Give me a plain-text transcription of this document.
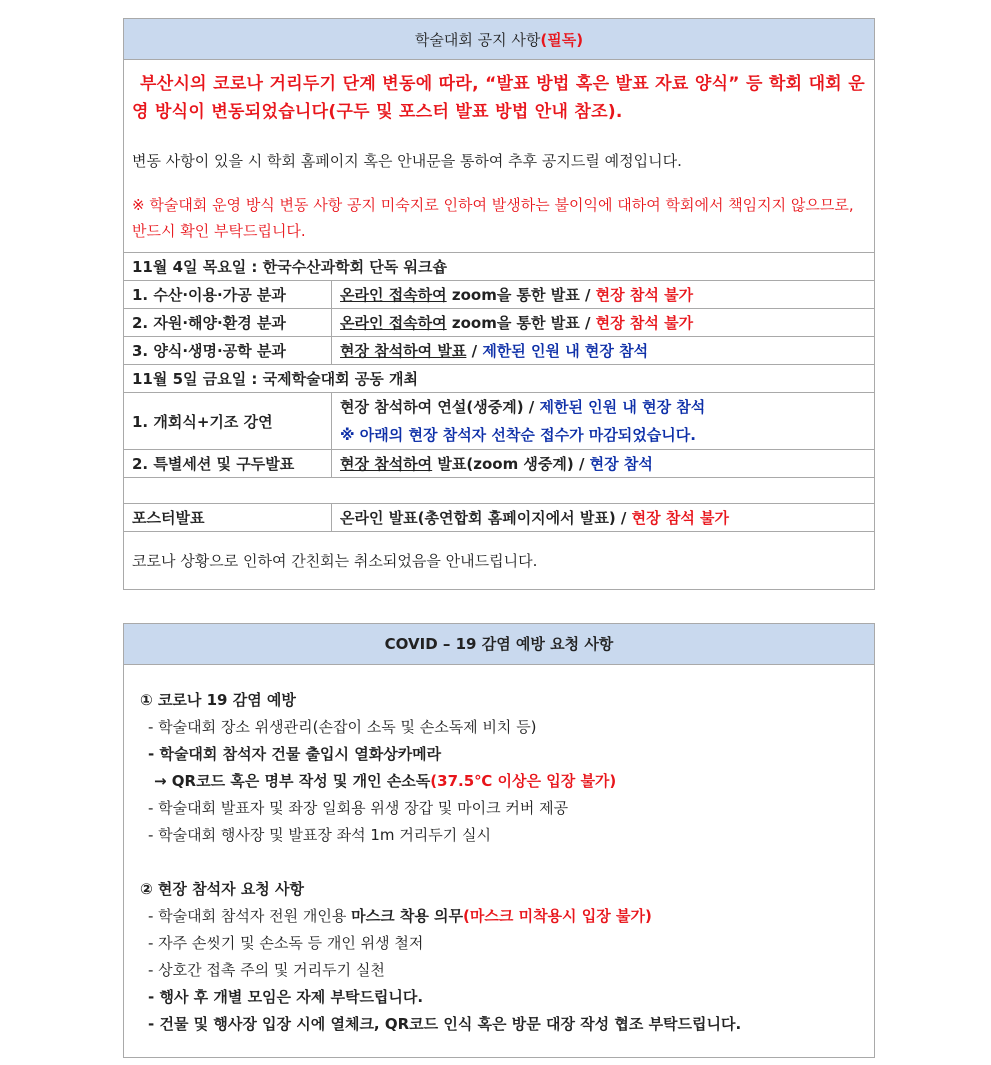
학술대회 공지 사항(필독)	

부산시의 코로나 거리두기 단계 변동에 따라, “발표 방법 혹은 발표 자료 양식” 등 학회 대회 운영 방식이 변동되었습니다(구두 및 포스터 발표 방법 안내 참조).

변동 사항이 있을 시 학회 홈페이지 혹은 안내문을 통하여 추후 공지드릴 예정입니다.

※ 학술대회 운영 방식 변동 사항 공지 미숙지로 인하여 발생하는 불이익에 대하여 학회에서 책임지지 않으므로, 반드시 확인 부탁드립니다.	

11월 4일 목요일 : 한국수산과학회 단독 워크숍	
1. 수산·이용·가공 분과	온라인 접속하여 zoom을 통한 발표 / 현장 참석 불가
2. 자원·해양·환경 분과	온라인 접속하여 zoom을 통한 발표 / 현장 참석 불가
3. 양식·생명·공학 분과	현장 참석하여 발표 / 제한된 인원 내 현장 참석
11월 5일 금요일 : 국제학술대회 공동 개최	
1. 개회식+기조 강연	현장 참석하여 연설(생중계) / 제한된 인원 내 현장 참석
※ 아래의 현장 참석자 선착순 접수가 마감되었습니다.

2. 특별세션 및 구두발표	현장 참석하여 발표(zoom 생중계) / 현장 참석

포스터발표	온라인 발표(총연합회 홈페이지에서 발표) / 현장 참석 불가
코로나 상황으로 인하여 간친회는 취소되었음을 안내드립니다.	
COVID – 19 감염 예방 요청 사항
① 코로나 19 감염 예방
- 학술대회 장소 위생관리(손잡이 소독 및 손소독제 비치 등)
- 학술대회 참석자 건물 출입시 열화상카메라
→ QR코드 혹은 명부 작성 및 개인 손소독(37.5℃ 이상은 입장 불가)
- 학술대회 발표자 및 좌장 일회용 위생 장갑 및 마이크 커버 제공
- 학술대회 행사장 및 발표장 좌석 1m 거리두기 실시
② 현장 참석자 요청 사항
- 학술대회 참석자 전원 개인용 마스크 착용 의무(마스크 미착용시 입장 불가)
- 자주 손씻기 및 손소독 등 개인 위생 철저
- 상호간 접촉 주의 및 거리두기 실천
- 행사 후 개별 모임은 자제 부탁드립니다.
- 건물 및 행사장 입장 시에 열체크, QR코드 인식 혹은 방문 대장 작성 협조 부탁드립니다.
